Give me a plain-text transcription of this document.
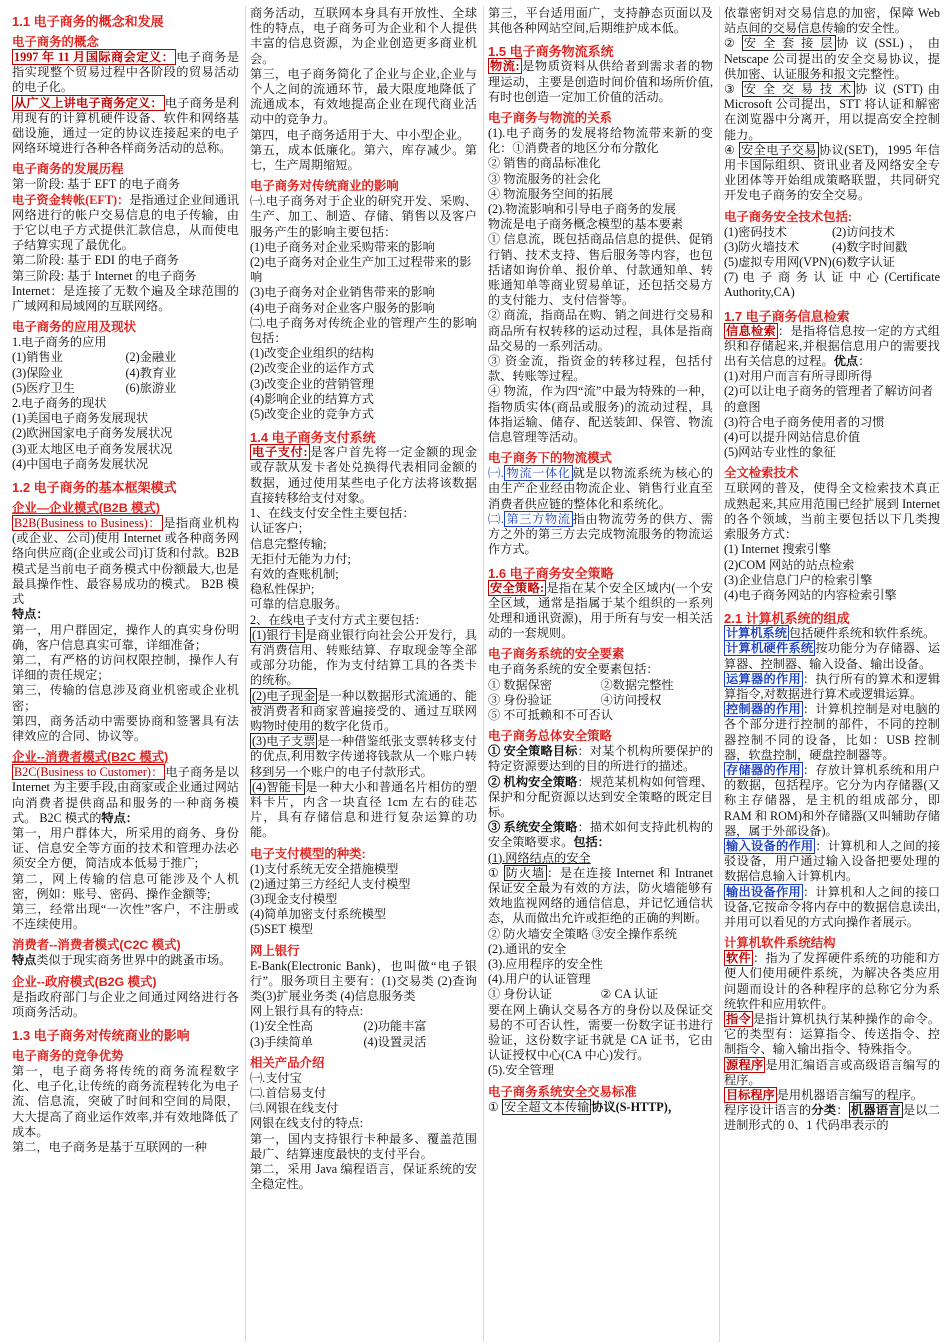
1.1 电子商务的概念和发展
电子商务的概念
1997 年 11 月国际商会定义： 电子商务是指实现整个贸易过程中各阶段的贸易活动的电子化。
从广义上讲电子商务定义： 电子商务是利用现有的计算机硬件设备、软件和网络基础设施，通过一定的协议连接起来的电子网络环境进行各种各样商务活动的总称。
电子商务的发展历程
第一阶段: 基于 EFT 的电子商务
电子资金转帐(EFT)：是指通过企业间通讯网络进行的帐户交易信息的电子传输，由于它以电子方式提供汇款信息，从而使电子结算实现了最优化。
第二阶段: 基于 EDI 的电子商务
第三阶段: 基于 Internet 的电子商务
Internet：是连接了无数个遍及全球范围的广域网和局域网的互联网络。
电子商务的应用及现状
1.电子商务的应用
(1)销售业	(2)金融业
(3)保险业	(4)教育业
(5)医疗卫生	(6)旅游业
2.电子商务的现状
(1)美国电子商务发展现状
(2)欧洲国家电子商务发展状况
(3)亚太地区电子商务发展状况
(4)中国电子商务发展状况
1.2 电子商务的基本框架模式
企业—企业模式(B2B 模式)
B2B(Business to Business)： 是指商业机构(或企业、公司)使用 Internet 或各种商务网络向供应商(企业或公司)订货和付款。B2B 模式是当前电子商务模式中份额最大,也是最具操作性、最容易成功的模式。 B2B 模式
特点：
第一，用户群固定，操作人的真实身份明确，客户信息真实可靠，详细准备；
第二，有严格的访问权限控制，操作人有详细的责任规定；
第三，传输的信息涉及商业机密或企业机密；
第四，商务活动中需要协商和签署具有法律效应的合同、协议等。
企业--消费者模式(B2C 模式)
B2C(Business to Customer)： 电子商务是以 Internet 为主要手段,由商家或企业通过网站向消费者提供商品和服务的一种商务模式。 B2C 模式的特点：
第一，用户群体大，所采用的商务、身份证、信息安全等方面的技术和管理办法必须安全方便，简洁成本低易于推广;
第二，网上传输的信息可能涉及个人机密，例如：账号、密码、操作金额等;
第三，经常出现“一次性”客户，不注册或不连续使用。
消费者--消费者模式(C2C 模式)
特点类似于现实商务世界中的跳蚤市场。
企业--政府模式(B2G 模式)
是指政府部门与企业之间通过网络进行各项商务活动。
1.3 电子商务对传统商业的影响
电子商务的竞争优势
第一，电子商务将传统的商务流程数字化、电子化,让传统的商务流程转化为电子流、信息流，突破了时间和空间的局限，大大提高了商业运作效率,并有效地降低了成本。
第二，电子商务是基于互联网的一种
商务活动，互联网本身具有开放性、全球性的特点，电子商务可为企业和个人提供丰富的信息资源，为企业创造更多商业机会。
第三，电子商务简化了企业与企业,企业与个人之间的流通环节，最大限度地降低了流通成本，有效地提高企业在现代商业活动中的竞争力。
第四，电子商务适用于大、中小型企业。
第五，成本低廉化。第六，库存减少。第七，生产周期缩短。
电子商务对传统商业的影响
㈠.电子商务对于企业的研究开发、采购、生产、加工、制造、存储、销售以及客户服务产生的影响主要包括：
(1)电子商务对企业采购带来的影响
(2)电子商务对企业生产加工过程带来的影响
(3)电子商务对企业销售带来的影响
(4)电子商务对企业客户服务的影响
㈡.电子商务对传统企业的管理产生的影响包括：
(1)改变企业组织的结构
(2)改变企业的运作方式
(3)改变企业的营销管理
(4)影响企业的结算方式
(5)改变企业的竞争方式
1.4 电子商务支付系统
电子支付: 是客户首先将一定金额的现金或存款从发卡者处兑换得代表相同金额的数据，通过使用某些电子化方法将该数据直接转移给支付对象。
1、在线支付安全性主要包括：
认证客户;
信息完整传输;
无拒付无能为力付;
有效的查账机制;
稳私性保护;
可靠的信息服务。
2、在线电子支付方式主要包括：
(1)银行卡 是商业银行向社会公开发行，具有消费信用、转账结算、存取现金等全部或部分功能，作为支付结算工具的各类卡的统称。
(2)电子现金 是一种以数据形式流通的、能被消费者和商家普遍接受的、通过互联网购物时使用的数字化货币。
(3)电子支票 是一种借鉴纸张支票转移支付的优点,利用数字传递将钱款从一个账户转移到另一个账户的电子付款形式。
(4)智能卡 是一种大小和普通名片相仿的塑料卡片，内含一块直径 1cm 左右的硅芯片，具有存储信息和进行复杂运算的功能。
电子支付模型的种类:
(1)支付系统无安全措施模型
(2)通过第三方经纪人支付模型
(3)现金支付模型
(4)简单加密支付系统模型
(5)SET 模型
网上银行
E-Bank(Electronic Bank)，也叫做“电子银行”。服务项目主要有：(1)交易类 (2)查询类(3)扩展业务类 (4)信息服务类
网上银行具有的特点:
(1)安全性高	(2)功能丰富
(3)手续简单	(4)设置灵活
相关产品介绍
㈠.支付宝
㈡.首信易支付
㈢.网银在线支付
网银在线支付的特点:
第一，国内支持银行卡种最多、覆盖范围最广、结算速度最快的支付平台。
第二，采用 Java 编程语言，保证系统的安全稳定性。
第三，平台适用面广，支持静态页面以及其他各种网站空间,后期维护成本低。
1.5 电子商务物流系统
物流: 是物质资料从供给者到需求者的物理运动，主要是创造时间价值和场所价值,有时也创造一定加工价值的活动。
电子商务与物流的关系
(1).电子商务的发展将给物流带来新的变化：①消费者的地区分布分散化
② 销售的商品标准化
③ 物流服务的社会化
④ 物流服务空间的拓展
(2).物流影响和引导电子商务的发展
物流是电子商务概念模型的基本要素
① 信息流，既包括商品信息的提供、促销行销、技术支持、售后服务等内容，也包括诸如询价单、报价单、付款通知单、转账通知单等商业贸易单证，还包括交易方的支付能力、支付信誉等。
② 商流，指商品在购、销之间进行交易和商品所有权转移的运动过程，具体是指商品交易的一系列活动。
③ 资金流，指资金的转移过程，包括付款、转账等过程。
④ 物流，作为四“流”中最为特殊的一种，指物质实体(商品或服务)的流动过程，具体指运输、储存、配送装卸、保管、物流信息管理等活动。
电子商务下的物流模式
㈠. 物流一体化 就是以物流系统为核心的由生产企业经由物流企业、销售行业直至消费者供应链的整体化和系统化。
㈡. 第三方物流 指由物流劳务的供方、需方之外的第三方去完成物流服务的物流运作方式。
1.6 电子商务安全策略
安全策略: 是指在某个安全区域内(一个安全区域，通常是指属于某个组织的一系列处理和通讯资源)，用于所有与安一相关活动的一套规则。
电子商务系统的安全要素
电子商务系统的安全要素包括：
① 数据保密	②数据完整性
③ 身份验证	④访问授权
⑤ 不可抵赖和不可否认
电子商务总体安全策略
① 安全策略目标：对某个机构所要保护的特定资源要达到的目的所进行的描述。
② 机构安全策略：规范某机构如何管理、保护和分配资源以达到安全策略的既定目标。
③ 系统安全策略：描术如何支持此机构的安全策略要求。包括：
(1).网络结点的安全
① 防火墙 ：是在连接 Internet 和 Intranet 保证安全最为有效的方法，防火墙能够有效地监视网络的通信信息，并记忆通信状态，从而做出允许或拒绝的正确的判断。
② 防火墙安全策略 ③安全操作系统
(2).通讯的安全
(3).应用程序的安全性
(4).用户的认证管理
① 身份认证	② CA 认证
要在网上确认交易各方的身份以及保证交易的不可否认性，需要一份数字证书进行验证，这份数字证书就是 CA 证书，它由认证授权中心(CA 中心)发行。
(5).安全管理
电子商务系统安全交易标准
① 安全超文本传输 协议(S-HTTP)，
依靠密钥对交易信息的加密，保障 Web 站点间的交易信息传输的安全性。
② 安 全 套 接 层 协 议 (SSL) ， 由 Netscape 公司提出的安全交易协议，提供加密、认证服务和报文完整性。
③ 安 全 交 易 技 术 协 议 (STT) 由 Microsoft 公司提出，STT 将认证和解密在浏览器中分离开，用以提高安全控制能力。
④ 安全电子交易 协议(SET)，1995 年信用卡国际组织、资讯业者及网络安全专业团体等开始组成策略联盟，共同研究开发电子商务的安全交易。
电子商务安全技术包括:
(1)密码技术	(2)访问技术
(3)防火墙技术	(4)数字时间戳
(5)虚拟专用网(VPN) (6)数字认证
(7) 电 子 商 务 认 证 中 心 (Certificate Authority,CA)
1.7 电子商务信息检索
信息检索 ：是指将信息按一定的方式组织和存储起来,并根据信息用户的需要找出有关信息的过程。优点：
(1)对用户而言有所寻即所得
(2)可以让电子商务的管理者了解访问者的意图
(3)符合电子商务使用者的习惯
(4)可以提升网站信息价值
(5)网站专业性的象征
全文检索技术
互联网的普及，使得全文检索技术真正成熟起来,其应用范围已经扩展到 Internet 的各个领域，当前主要包括以下几类搜索服务方式：
(1) Internet 搜索引擎
(2)COM 网站的站点检索
(3)企业信息门户的检索引擎
(4)电子商务网站的内容检索引擎
2.1 计算机系统的组成
计算机系统 包括硬件系统和软件系统。
计算机硬件系统 按功能分为存储器、运算器、控制器、输入设备、输出设备。
运算器的作用 ：执行所有的算术和逻辑算指令,对数据进行算术或逻辑运算。
控制器的作用 ：计算机控制是对电脑的各个部分进行控制的部件，不同的控制器控制不同的设备，比如：USB 控制器，软盘控制，硬盘控制器等。
存储器的作用 ：存放计算机系统和用户的数据，包括程序。它分为内存储器(又称主存储器，是主机的组成部分，即 RAM 和 ROM)和外存储器(又叫辅助存储器，属于外部设备)。
输入设备的作用 ：计算机和人之间的接驳设备，用户通过输入设备把要处理的数据信息输入计算机内。
输出设备作用 ：计算机和人之间的接口设备,它按命令将内存中的数据信息读出,并用可以看见的方式向操作者展示。
计算机软件系统结构
软件 ：指为了发挥硬件系统的功能和方便人们使用硬件系统，为解决各类应用问题而设计的各种程序的总称它分为系统软件和应用软件。
指令 是指计算机执行某种操作的命令。它的类型有：运算指令、传送指令、控制指令、输入输出指令、特殊指令。
源程序 是用汇编语言或高级语言编写的程序。
目标程序 是用机器语言编写的程序。
程序设计语言的分类： 机器语言 是以二进制形式的 0、1 代码串表示的
